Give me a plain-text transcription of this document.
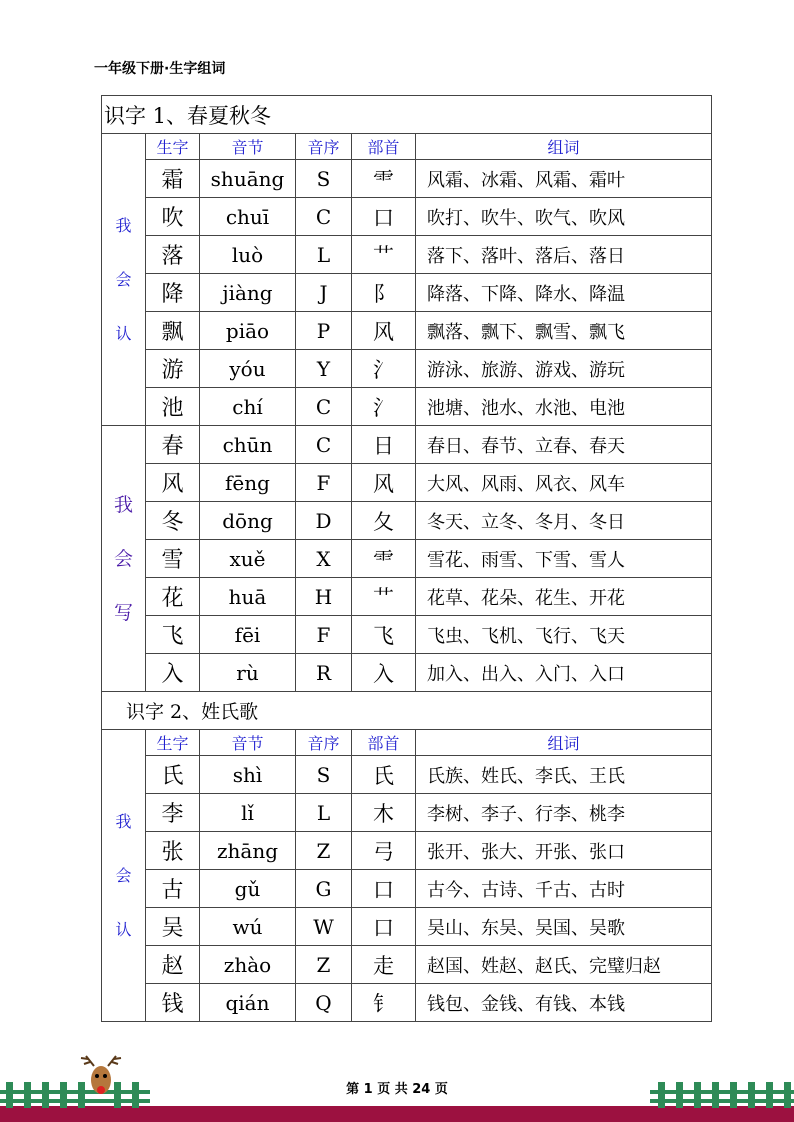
一年级下册·生字组词
识字 1、春夏秋冬					

我
会
认	生字	音节	音序	部首	组词
	霜	shuāng	S	⻗	风霜、冰霜、风霜、霜叶
	吹	chuī	C	口	吹打、吹牛、吹气、吹风
	落	luò	L	艹	落下、落叶、落后、落日
	降	jiàng	J	阝	降落、下降、降水、降温
	飘	piāo	P	风	飘落、飘下、飘雪、飘飞
	游	yóu	Y	氵	游泳、旅游、游戏、游玩
	池	chí	C	氵	池塘、池水、水池、电池

我
会
写	春	chūn	C	日	春日、春节、立春、春天
	风	fēng	F	风	大风、风雨、风衣、风车
	冬	dōng	D	夂	冬天、立冬、冬月、冬日
	雪	xuě	X	⻗	雪花、雨雪、下雪、雪人
	花	huā	H	艹	花草、花朵、花生、开花
	飞	fēi	F	飞	飞虫、飞机、飞行、飞天
	入	rù	R	入	加入、出入、入门、入口
识字 2、姓氏歌					

我
会
认	生字	音节	音序	部首	组词
	氏	shì	S	氏	氏族、姓氏、李氏、王氏
	李	lǐ	L	木	李树、李子、行李、桃李
	张	zhāng	Z	弓	张开、张大、开张、张口
	古	gǔ	G	口	古今、古诗、千古、古时
	吴	wú	W	口	吴山、东吴、吴国、吴歌
	赵	zhào	Z	走	赵国、姓赵、赵氏、完璧归赵
	钱	qián	Q	钅	钱包、金钱、有钱、本钱
第 1 页 共 24 页
